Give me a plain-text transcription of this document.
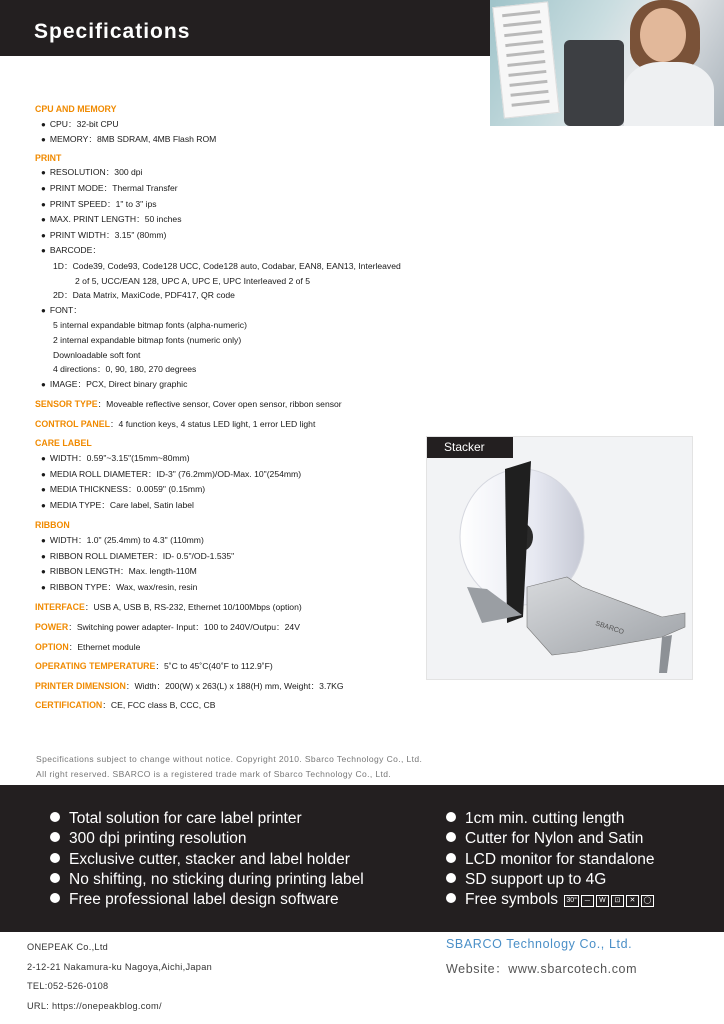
Specifications
CPU AND MEMORY
● CPU：32-bit CPU
● MEMORY：8MB SDRAM, 4MB Flash ROM
PRINT
● RESOLUTION：300 dpi
● PRINT MODE：Thermal Transfer
● PRINT SPEED：1" to 3" ips
● MAX. PRINT LENGTH：50 inches
● PRINT WIDTH：3.15" (80mm)
● BARCODE：
1D：Code39, Code93, Code128 UCC, Code128 auto, Codabar, EAN8, EAN13, Interleaved
2 of 5, UCC/EAN 128, UPC A, UPC E, UPC Interleaved 2 of 5
2D：Data Matrix, MaxiCode, PDF417, QR code
● FONT：
5 internal expandable bitmap fonts (alpha-numeric)
2 internal expandable bitmap fonts (numeric only)
Downloadable soft font
4 directions：0, 90, 180, 270 degrees
● IMAGE：PCX, Direct binary graphic
SENSOR TYPE：Moveable reflective sensor, Cover open sensor, ribbon sensor
CONTROL PANEL：4 function keys, 4 status LED light, 1 error LED light
CARE LABEL
● WIDTH：0.59"~3.15"(15mm~80mm)
● MEDIA ROLL DIAMETER：ID-3" (76.2mm)/OD-Max. 10"(254mm)
● MEDIA THICKNESS：0.0059" (0.15mm)
● MEDIA TYPE：Care label, Satin label
RIBBON
● WIDTH：1.0" (25.4mm) to 4.3" (110mm)
● RIBBON ROLL DIAMETER：ID- 0.5"/OD-1.535"
● RIBBON LENGTH：Max. length-110M
● RIBBON TYPE：Wax, wax/resin, resin
INTERFACE：USB A, USB B, RS-232, Ethernet 10/100Mbps (option)
POWER：Switching power adapter- Input：100 to 240V/Outpu：24V
OPTION：Ethernet module
OPERATING TEMPERATURE：5˚C to 45˚C(40˚F to 112.9˚F)
PRINTER DIMENSION：Width：200(W) x 263(L) x 188(H) mm, Weight：3.7KG
CERTIFICATION：CE, FCC class B, CCC, CB
SBARCO
Stacker
Specifications subject to change without notice. Copyright 2010. Sbarco Technology Co., Ltd.
All right reserved. SBARCO is a registered trade mark of Sbarco Technology Co., Ltd.
Total solution for care label printer
300 dpi printing resolution
Exclusive cutter, stacker and label holder
No shifting, no sticking during printing label
Free professional label design software
1cm min. cutting length
Cutter for Nylon and Satin
LCD monitor for standalone
SD support up to 4G
Free symbols 30° ⏤ W ⊡ ✕ ◯
ONEPEAK Co.,Ltd
2-12-21 Nakamura-ku Nagoya,Aichi,Japan
TEL:052-526-0108
URL: https://onepeakblog.com/
SBARCO Technology Co., Ltd.
Website：www.sbarcotech.com
